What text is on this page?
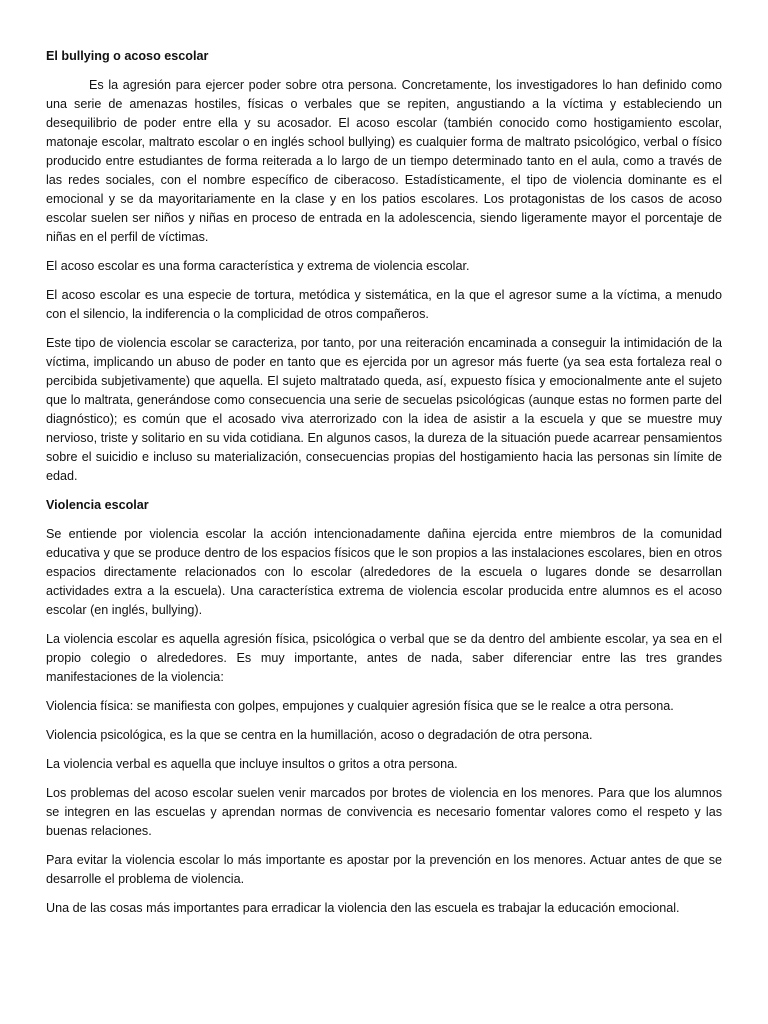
El bullying o acoso escolar

Es la agresión para ejercer poder sobre otra persona. Concretamente, los investigadores lo han definido como una serie de amenazas hostiles, físicas o verbales que se repiten, angustiando a la víctima y estableciendo un desequilibrio de poder entre ella y su acosador. El acoso escolar (también conocido como hostigamiento escolar, matonaje escolar, maltrato escolar o en inglés school bullying) es cualquier forma de maltrato psicológico, verbal o físico producido entre estudiantes de forma reiterada a lo largo de un tiempo determinado tanto en el aula, como a través de las redes sociales, con el nombre específico de ciberacoso. Estadísticamente, el tipo de violencia dominante es el emocional y se da mayoritariamente en la clase y en los patios escolares. Los protagonistas de los casos de acoso escolar suelen ser niños y niñas en proceso de entrada en la adolescencia, siendo ligeramente mayor el porcentaje de niñas en el perfil de víctimas.

El acoso escolar es una forma característica y extrema de violencia escolar.

El acoso escolar es una especie de tortura, metódica y sistemática, en la que el agresor sume a la víctima, a menudo con el silencio, la indiferencia o la complicidad de otros compañeros.

Este tipo de violencia escolar se caracteriza, por tanto, por una reiteración encaminada a conseguir la intimidación de la víctima, implicando un abuso de poder en tanto que es ejercida por un agresor más fuerte (ya sea esta fortaleza real o percibida subjetivamente) que aquella. El sujeto maltratado queda, así, expuesto física y emocionalmente ante el sujeto que lo maltrata, generándose como consecuencia una serie de secuelas psicológicas (aunque estas no formen parte del diagnóstico); es común que el acosado viva aterrorizado con la idea de asistir a la escuela y que se muestre muy nervioso, triste y solitario en su vida cotidiana. En algunos casos, la dureza de la situación puede acarrear pensamientos sobre el suicidio e incluso su materialización, consecuencias propias del hostigamiento hacia las personas sin límite de edad.

Violencia escolar

Se entiende por violencia escolar la acción intencionadamente dañina ejercida entre miembros de la comunidad educativa y que se produce dentro de los espacios físicos que le son propios a las instalaciones escolares, bien en otros espacios directamente relacionados con lo escolar (alrededores de la escuela o lugares donde se desarrollan actividades extra a la escuela). Una característica extrema de violencia escolar producida entre alumnos es el acoso escolar (en inglés, bullying).

La violencia escolar es aquella agresión física, psicológica o verbal que se da dentro del ambiente escolar, ya sea en el propio colegio o alrededores. Es muy importante, antes de nada, saber diferenciar entre las tres grandes manifestaciones de la violencia:

Violencia física: se manifiesta con golpes, empujones y cualquier agresión física que se le realce a otra persona.

Violencia psicológica, es la que se centra en la humillación, acoso o degradación de otra persona.

La violencia verbal es aquella que incluye insultos o gritos a otra persona.

Los problemas del acoso escolar suelen venir marcados por brotes de violencia en los menores. Para que los alumnos se integren en las escuelas y aprendan normas de convivencia es necesario fomentar valores como el respeto y las buenas relaciones.

Para evitar la violencia escolar lo más importante es apostar por la prevención en los menores. Actuar antes de que se desarrolle el problema de violencia.

Una de las cosas más importantes para erradicar la violencia den las escuela es trabajar la educación emocional.
